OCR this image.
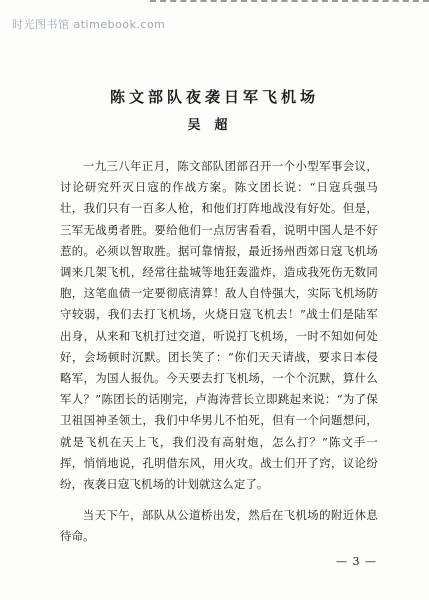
时光图书馆 atimebook.com
陈文部队夜袭日军飞机场
吴超

一九三八年正月，陈文部队团部召开一个小型军事会议，讨论研究歼灭日寇的作战方案。陈文团长说：“日寇兵强马壮，我们只有一百多人枪，和他们打阵地战没有好处。但是，三军无战勇者胜。要给他们一点厉害看看，说明中国人是不好惹的。必须以智取胜。据可靠情报，最近扬州西郊日寇飞机场调来几架飞机，经常往盐城等地狂轰滥炸，造成我死伤无数同胞，这笔血债一定要彻底清算！敌人自恃强大，实际飞机场防守较弱，我们去打飞机场，火烧日寇飞机去！”战士们是陆军出身，从来和飞机打过交道，听说打飞机场，一时不知如何处好，会场顿时沉默。团长笑了：“你们天天请战，要求日本侵略军，为国人报仇。今天要去打飞机场，一个个沉默，算什么军人？”陈团长的话刚完，卢海涛营长立即跳起来说：“为了保卫祖国神圣领土，我们中华男儿不怕死，但有一个问题想问，就是飞机在天上飞，我们没有高射炮，怎么打？”陈文手一挥，悄悄地说，孔明借东风，用火攻。战士们开了窍，议论纷纷，夜袭日寇飞机场的计划就这么定了。

当天下午，部队从公道桥出发，然后在飞机场的附近休息待命。

— 3 —
